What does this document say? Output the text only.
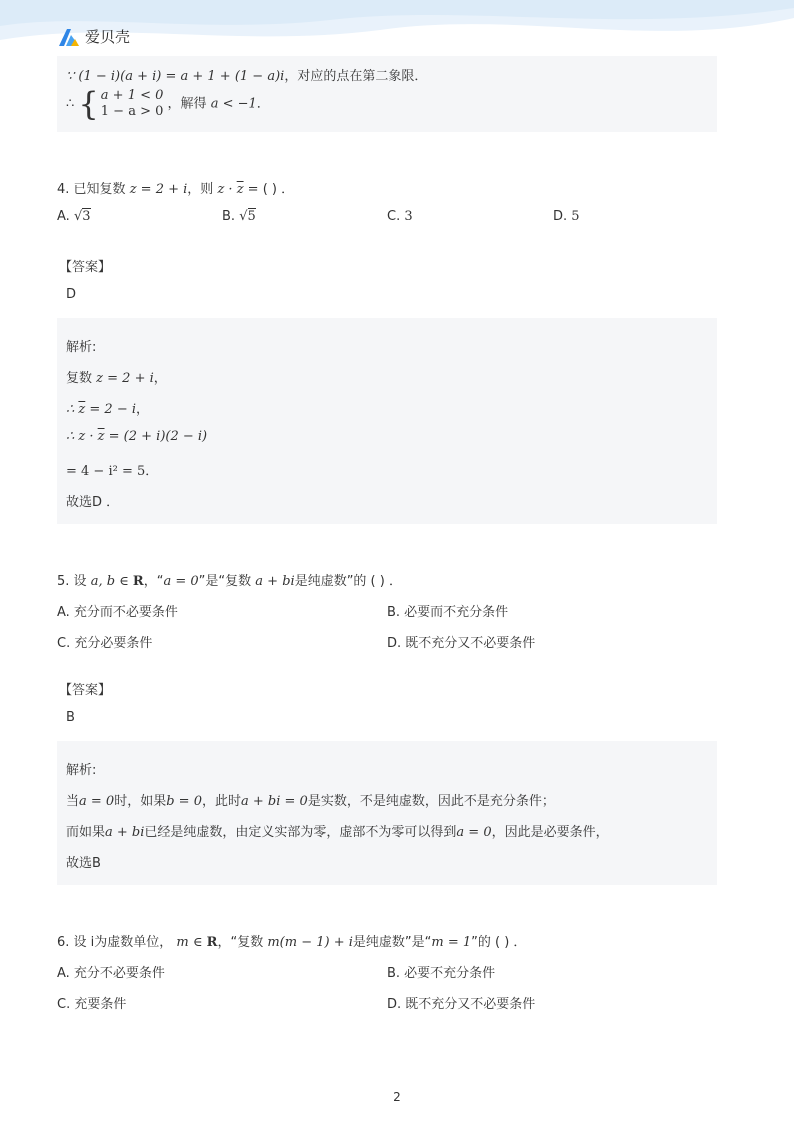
爱贝壳
∵ (1 − i)(a + i) = a + 1 + (1 − a)i，对应的点在第二象限．
∴ { a + 1 < 0
1 − a > 0 ，解得 a < −1．
4. 已知复数 z = 2 + i，则 $z \cdot \overline{z}$ = ( ) ．
A. √3	B. √5	C. 3	D. 5
【答案】
D
解析:
复数 z = 2 + i，
∴ $\overline{z} = 2 - i$，
∴ $z \cdot \overline{z} = (2 + i)(2 - i)$
= 4 − i² = 5．
故选D ．
5. 设 a, b ∈ R，“a = 0”是“复数 a + bi是纯虚数”的 ( ) ．
A. 充分而不必要条件	B. 必要而不充分条件
C. 充分必要条件	D. 既不充分又不必要条件
【答案】
B
解析:
当a = 0时，如果b = 0，此时a + bi = 0是实数，不是纯虚数，因此不是充分条件；
而如果a + bi已经是纯虚数，由定义实部为零，虚部不为零可以得到a = 0，因此是必要条件，
故选B
6. 设 i为虚数单位， m ∈ R，“复数 m(m − 1) + i是纯虚数”是“m = 1”的 ( ) ．
A. 充分不必要条件	B. 必要不充分条件
C. 充要条件	D. 既不充分又不必要条件
2
